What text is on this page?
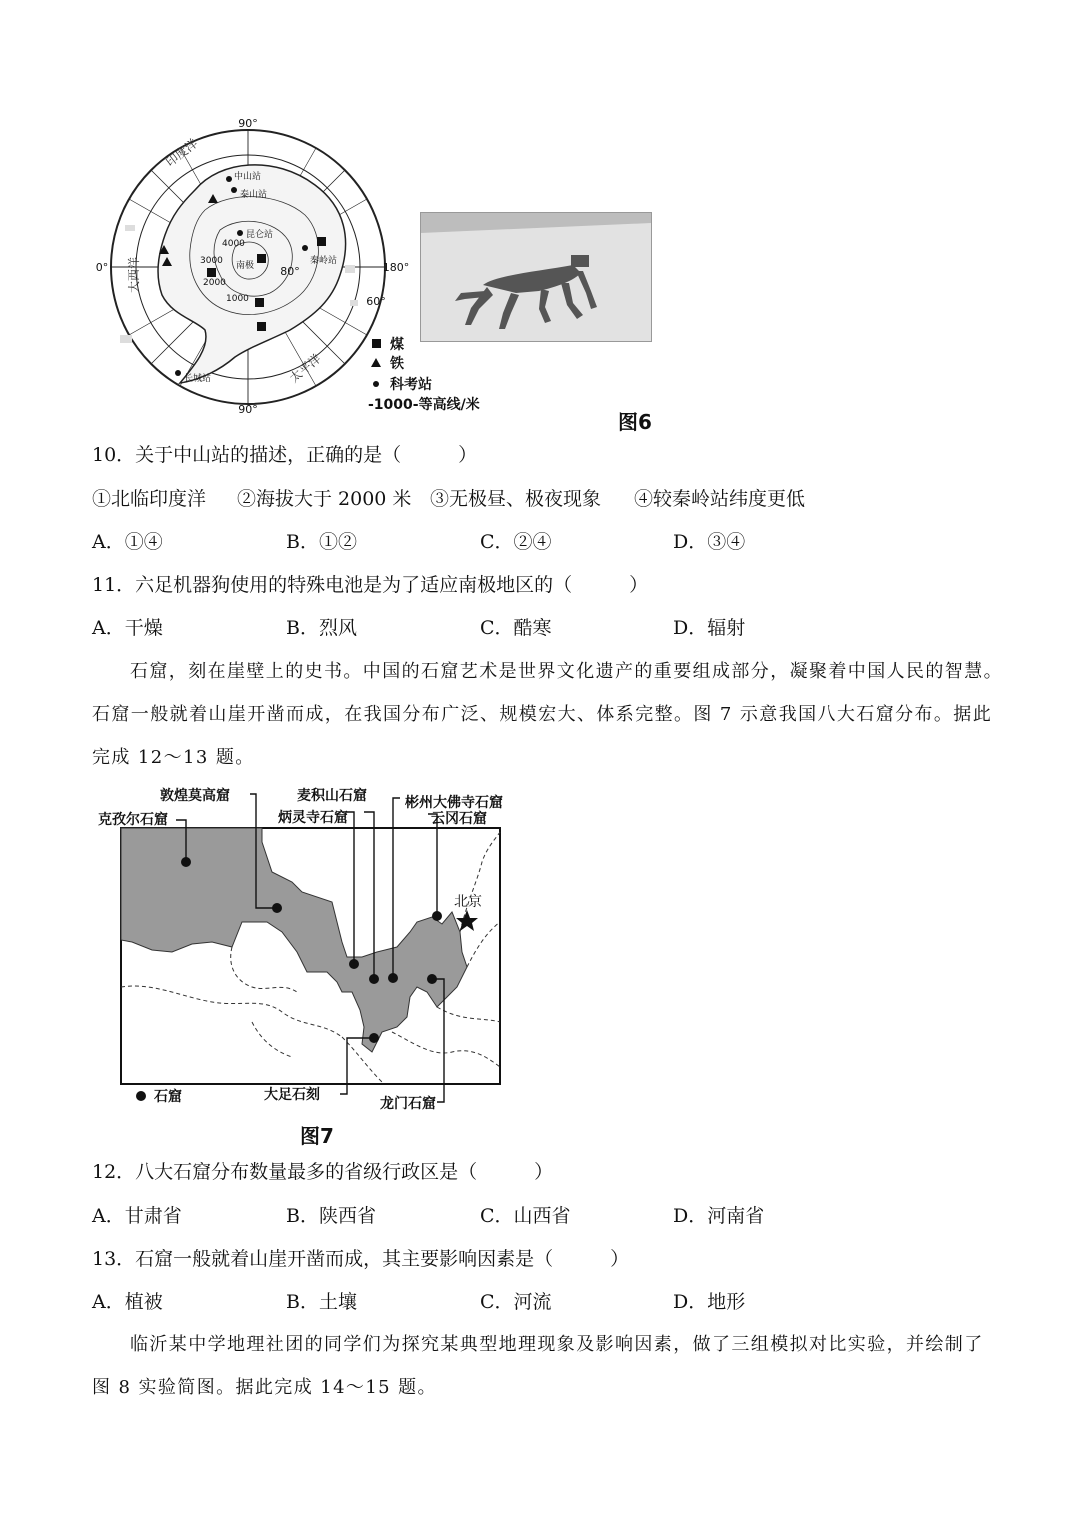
90°
90°
0°	180°
80°
60°
印度洋
大西洋
太平洋
中山站
泰山站
昆仑站
秦岭站
长城站
4000
3000
2000
1000
南极
煤
铁
科考站
-1000-等高线/米
图6
10．关于中山站的描述，正确的是（　　　）
①北临印度洋 ②海拔大于 2000 米 ③无极昼、极夜现象 ④较秦岭站纬度更低
A．①④	B．①②	C．②④	D．③④
11．六足机器狗使用的特殊电池是为了适应南极地区的（　　　）
A．干燥	B．烈风	C．酷寒	D．辐射
石窟，刻在崖壁上的史书。中国的石窟艺术是世界文化遗产的重要组成部分，凝聚着中国人民的智慧。
石窟一般就着山崖开凿而成，在我国分布广泛、规模宏大、体系完整。图 7 示意我国八大石窟分布。据此
完成 12～13 题。
敦煌莫高窟
克孜尔石窟
麦积山石窟
炳灵寺石窟
彬州大佛寺石窟
云冈石窟
北京
大足石刻
龙门石窟
石窟
图7
12．八大石窟分布数量最多的省级行政区是（　　　）
A．甘肃省	B．陕西省	C．山西省	D．河南省
13．石窟一般就着山崖开凿而成，其主要影响因素是（　　　）
A．植被	B．土壤	C．河流	D．地形
临沂某中学地理社团的同学们为探究某典型地理现象及影响因素，做了三组模拟对比实验，并绘制了
图 8 实验简图。据此完成 14～15 题。
